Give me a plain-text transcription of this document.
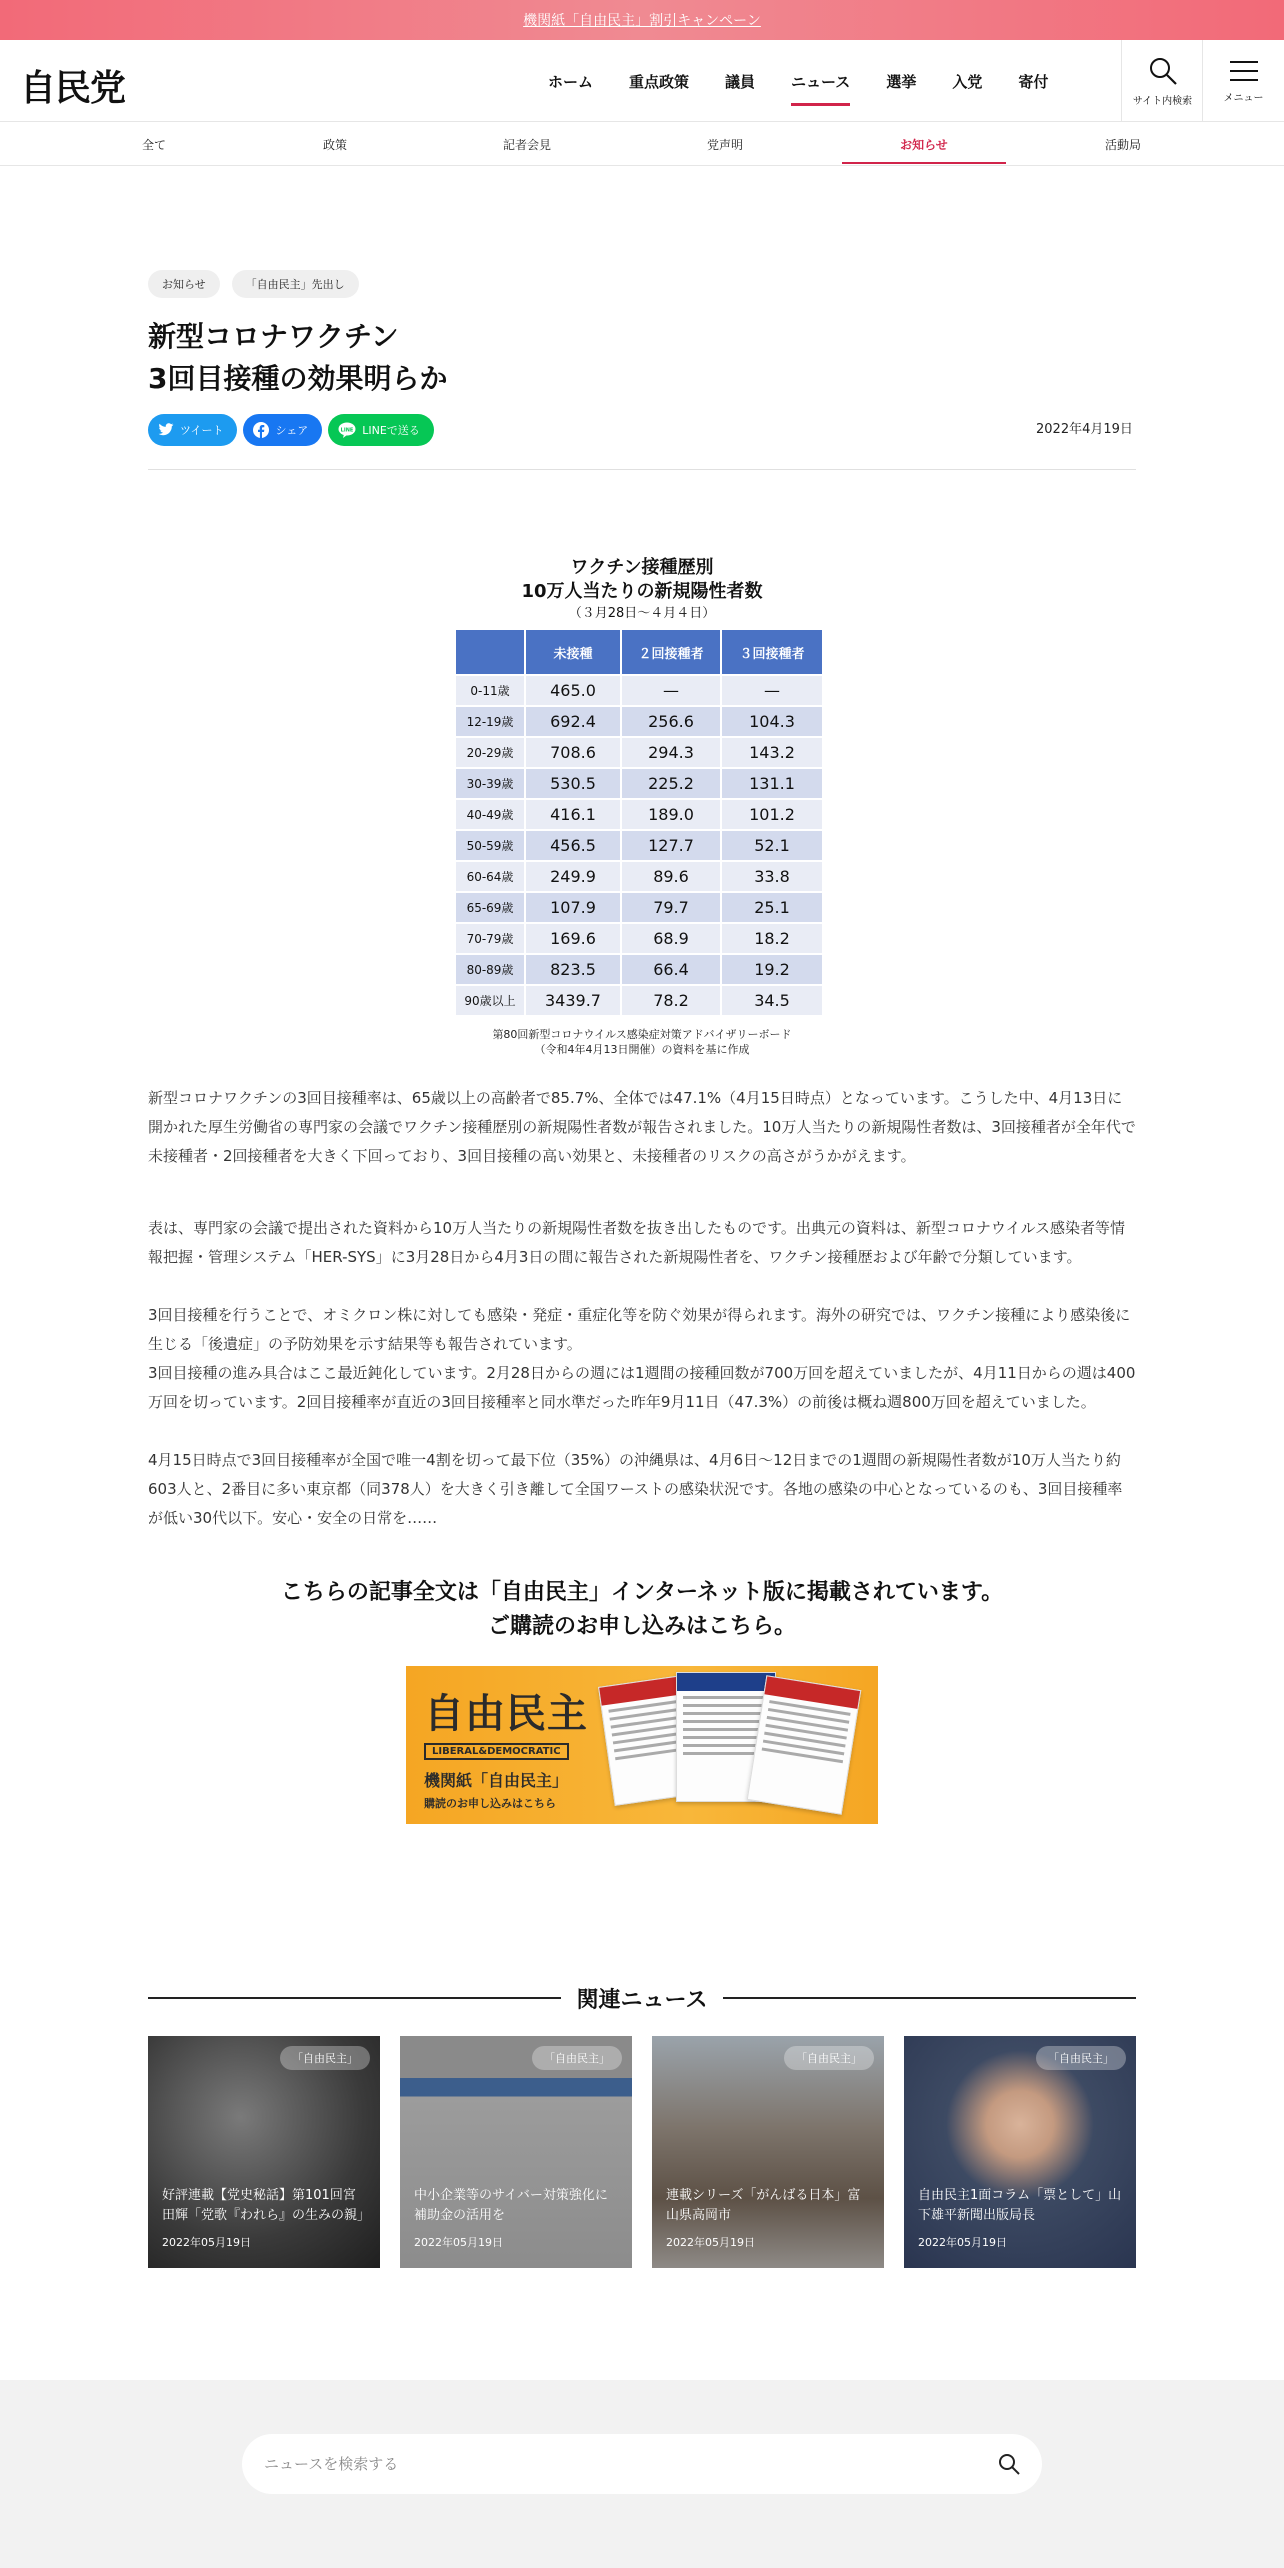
機関紙「自由民主」割引キャンペーン
自民党	ホーム 重点政策 議員 ニュース 選挙 入党 寄付
サイト内検索	メニュー
全て	政策	記者会見	党声明	お知らせ	活動局
お知らせ	「自由民主」先出し
新型コロナワクチン
3回目接種の効果明らか
ツイート	シェア	LINE LINEで送る	2022年4月19日
ワクチン接種歴別
10万人当たりの新規陽性者数
（３月28日〜４月４日）
	未接種	２回接種者	３回接種者
0-11歳	465.0	—	—
12-19歳	692.4	256.6	104.3
20-29歳	708.6	294.3	143.2
30-39歳	530.5	225.2	131.1
40-49歳	416.1	189.0	101.2
50-59歳	456.5	127.7	52.1
60-64歳	249.9	89.6	33.8
65-69歳	107.9	79.7	25.1
70-79歳	169.6	68.9	18.2
80-89歳	823.5	66.4	19.2
90歳以上	3439.7	78.2	34.5
第80回新型コロナウイルス感染症対策アドバイザリーボード
（令和4年4月13日開催）の資料を基に作成

新型コロナワクチンの3回目接種率は、65歳以上の高齢者で85.7%、全体では47.1%（4月15日時点）となっています。こうした中、4月13日に開かれた厚生労働省の専門家の会議でワクチン接種歴別の新規陽性者数が報告されました。10万人当たりの新規陽性者数は、3回接種者が全年代で未接種者・2回接種者を大きく下回っており、3回目接種の高い効果と、未接種者のリスクの高さがうかがえます。

表は、専門家の会議で提出された資料から10万人当たりの新規陽性者数を抜き出したものです。出典元の資料は、新型コロナウイルス感染者等情報把握・管理システム「HER-SYS」に3月28日から4月3日の間に報告された新規陽性者を、ワクチン接種歴および年齢で分類しています。

3回目接種を行うことで、オミクロン株に対しても感染・発症・重症化等を防ぐ効果が得られます。海外の研究では、ワクチン接種により感染後に生じる「後遺症」の予防効果を示す結果等も報告されています。

3回目接種の進み具合はここ最近鈍化しています。2月28日からの週には1週間の接種回数が700万回を超えていましたが、4月11日からの週は400万回を切っています。2回目接種率が直近の3回目接種率と同水準だった昨年9月11日（47.3%）の前後は概ね週800万回を超えていました。

4月15日時点で3回目接種率が全国で唯一4割を切って最下位（35%）の沖縄県は、4月6日～12日までの1週間の新規陽性者数が10万人当たり約603人と、2番目に多い東京都（同378人）を大きく引き離して全国ワーストの感染状況です。各地の感染の中心となっているのも、3回目接種率が低い30代以下。安心・安全の日常を……

こちらの記事全文は「自由民主」インターネット版に掲載されています。
ご購読のお申し込みはこちら。
自由民主
LIBERAL&DEMOCRATIC
機関紙「自由民主」
購読のお申し込みはこちら
関連ニュース
「自由民主」
好評連載【党史秘話】第101回宮田輝「党歌『われら』の生みの親」
2022年05月19日
「自由民主」
中小企業等のサイバー対策強化に補助金の活用を
2022年05月19日
「自由民主」
連載シリーズ「がんばる日本」富山県高岡市
2022年05月19日
「自由民主」
自由民主1面コラム「票として」山下雄平新聞出版局長
2022年05月19日
ニュースを検索する
